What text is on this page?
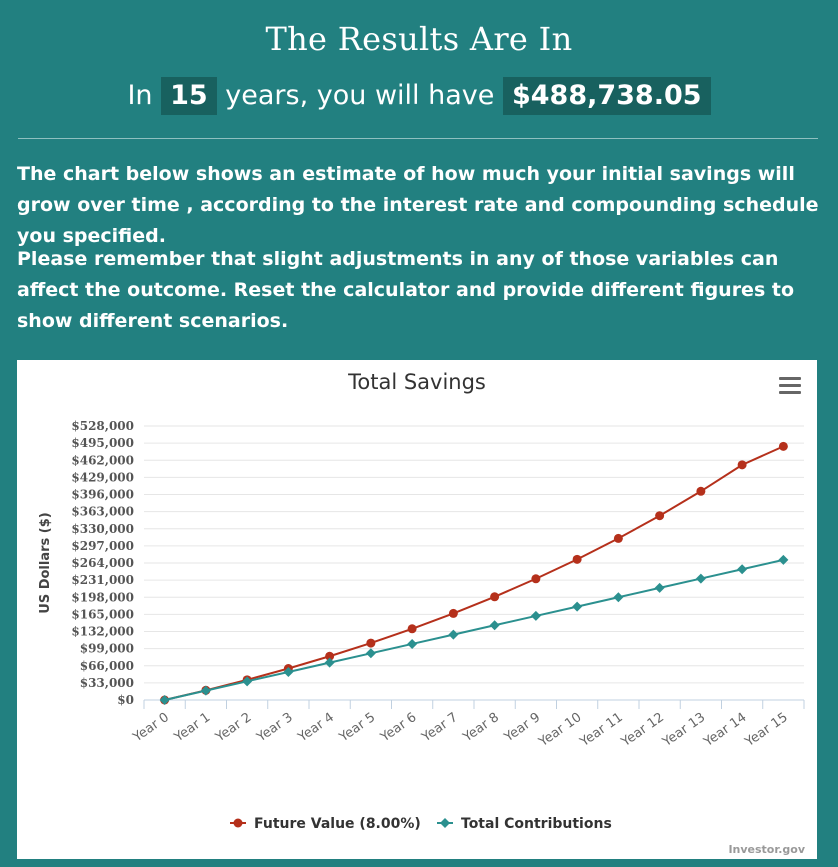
The Results Are In
In 15 years, you will have $488,738.05
The chart below shows an estimate of how much your initial savings will grow over time , according to the interest rate and compounding schedule you specified.
Please remember that slight adjustments in any of those variables can affect the outcome. Reset the calculator and provide different figures to show different scenarios.
Total Savings
$0
$33,000
$66,000
$99,000
$132,000
$165,000
$198,000
$231,000
$264,000
$297,000
$330,000
$363,000
$396,000
$429,000
$462,000
$495,000
$528,000
US Dollars ($)
Year 0 Year 1 Year 2 Year 3 Year 4 Year 5 Year 6 Year 7 Year 8 Year 9
Year 10
Year 11
Year 12
Year 13
Year 14
Year 15
Future Value (8.00%)	Total Contributions
Investor.gov
